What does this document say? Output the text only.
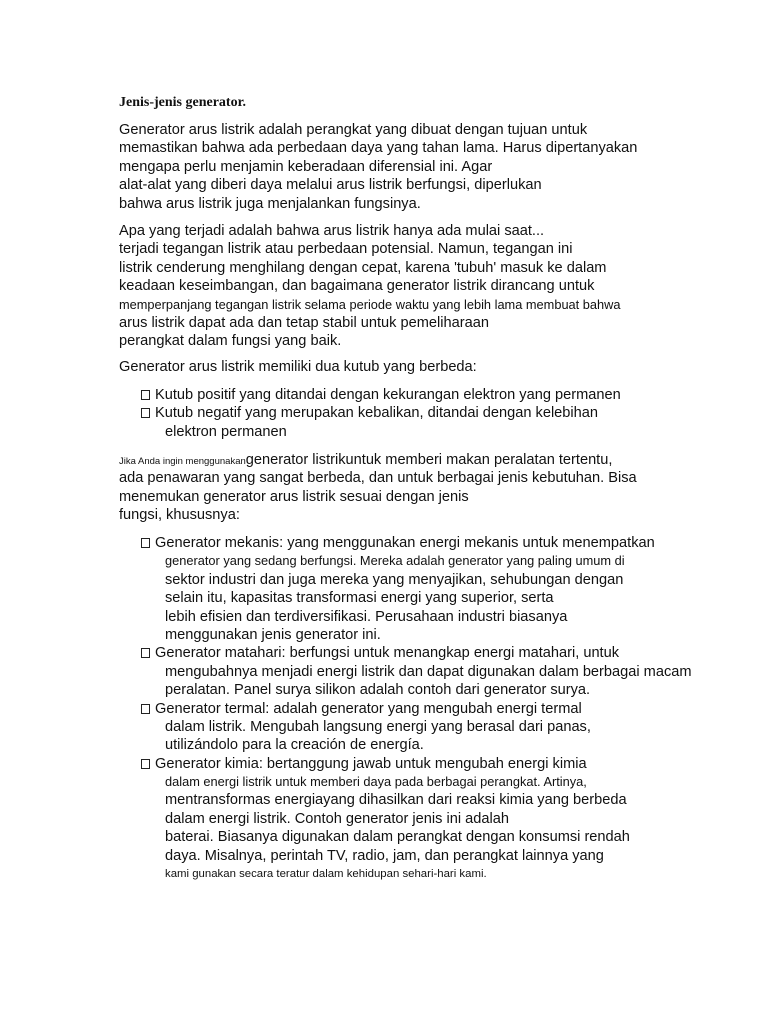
Jenis-jenis generator.
Generator arus listrik adalah perangkat yang dibuat dengan tujuan untuk
memastikan bahwa ada perbedaan daya yang tahan lama. Harus dipertanyakan
mengapa perlu menjamin keberadaan diferensial ini. Agar
alat-alat yang diberi daya melalui arus listrik berfungsi, diperlukan
bahwa arus listrik juga menjalankan fungsinya.
Apa yang terjadi adalah bahwa arus listrik hanya ada mulai saat...
terjadi tegangan listrik atau perbedaan potensial. Namun, tegangan ini
listrik cenderung menghilang dengan cepat, karena 'tubuh' masuk ke dalam
keadaan keseimbangan, dan bagaimana generator listrik dirancang untuk
memperpanjang tegangan listrik selama periode waktu yang lebih lama membuat bahwa
arus listrik dapat ada dan tetap stabil untuk pemeliharaan
perangkat dalam fungsi yang baik.
Generator arus listrik memiliki dua kutub yang berbeda:
Kutub positif yang ditandai dengan kekurangan elektron yang permanen
Kutub negatif yang merupakan kebalikan, ditandai dengan kelebihan
elektron permanen
Jika Anda ingin menggunakangenerator listrikuntuk memberi makan peralatan tertentu,
ada penawaran yang sangat berbeda, dan untuk berbagai jenis kebutuhan. Bisa
menemukan generator arus listrik sesuai dengan jenis
fungsi, khususnya:
Generator mekanis: yang menggunakan energi mekanis untuk menempatkan
generator yang sedang berfungsi. Mereka adalah generator yang paling umum di
sektor industri dan juga mereka yang menyajikan, sehubungan dengan
selain itu, kapasitas transformasi energi yang superior, serta
lebih efisien dan terdiversifikasi. Perusahaan industri biasanya
menggunakan jenis generator ini.
Generator matahari: berfungsi untuk menangkap energi matahari, untuk
mengubahnya menjadi energi listrik dan dapat digunakan dalam berbagai macam
peralatan. Panel surya silikon adalah contoh dari generator surya.
Generator termal: adalah generator yang mengubah energi termal
dalam listrik. Mengubah langsung energi yang berasal dari panas,
utilizándolo para la creación de energía.
Generator kimia: bertanggung jawab untuk mengubah energi kimia
dalam energi listrik untuk memberi daya pada berbagai perangkat. Artinya,
mentransformas energiayang dihasilkan dari reaksi kimia yang berbeda
dalam energi listrik. Contoh generator jenis ini adalah
baterai. Biasanya digunakan dalam perangkat dengan konsumsi rendah
daya. Misalnya, perintah TV, radio, jam, dan perangkat lainnya yang
kami gunakan secara teratur dalam kehidupan sehari-hari kami.
